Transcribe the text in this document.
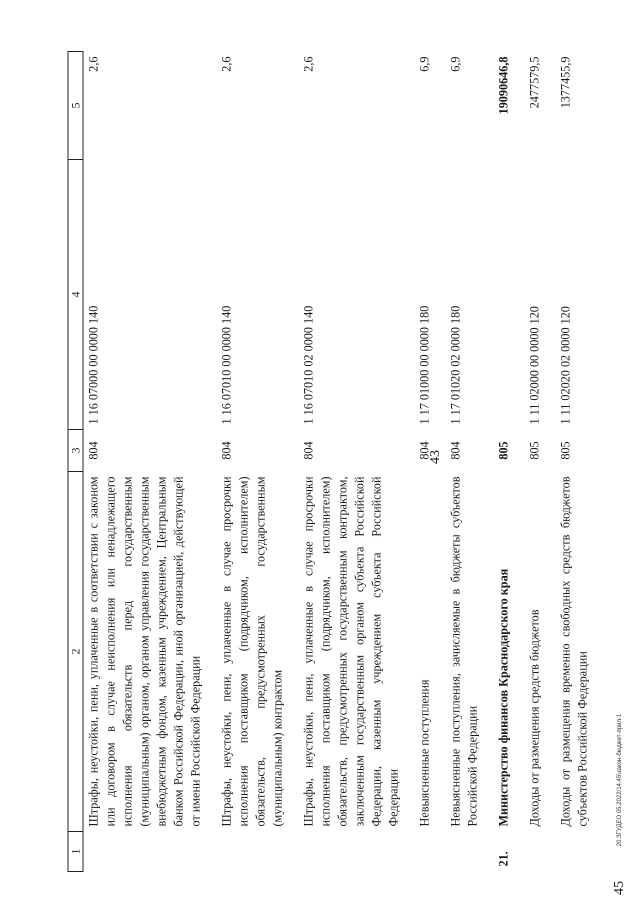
45
43
20.ЗГУДЕО 05.2022/14.45\закон-бюджет-прил-1
1	2	3	4	5
	Штрафы, неустойки, пени, уплаченные в соответствии с законом или договором в случае неисполнения или ненадлежащего исполнения обязательств перед государственным (муниципальным) органом, органом управления государственным внебюджетным фондом, казенным учреждением, Центральным банком Российской Федерации, иной организацией, действующей от имени Российской Федерации	804	1 16 07000 00 0000 140	2,6
	Штрафы, неустойки, пени, уплаченные в случае просрочки исполнения поставщиком (подрядчиком, исполнителем) обязательств, предусмотренных государственным (муниципальным) контрактом	804	1 16 07010 00 0000 140	2,6
	Штрафы, неустойки, пени, уплаченные в случае просрочки исполнения поставщиком (подрядчиком, исполнителем) обязательств, предусмотренных государственным контрактом, заключенным государственным органом субъекта Российской Федерации, казенным учреждением субъекта Российской Федерации	804	1 16 07010 02 0000 140	2,6
	Невыясненные поступления	804	1 17 01000 00 0000 180	6,9
	Невыясненные поступления, зачисляемые в бюджеты субъектов Российской Федерации	804	1 17 01020 02 0000 180	6,9
21.	Министерство финансов Краснодарского края	805		19090646,8
	Доходы от размещения средств бюджетов	805	1 11 02000 00 0000 120	2477579,5
	Доходы от размещения временно свободных средств бюджетов субъектов Российской Федерации	805	1 11 02020 02 0000 120	1377455,9
